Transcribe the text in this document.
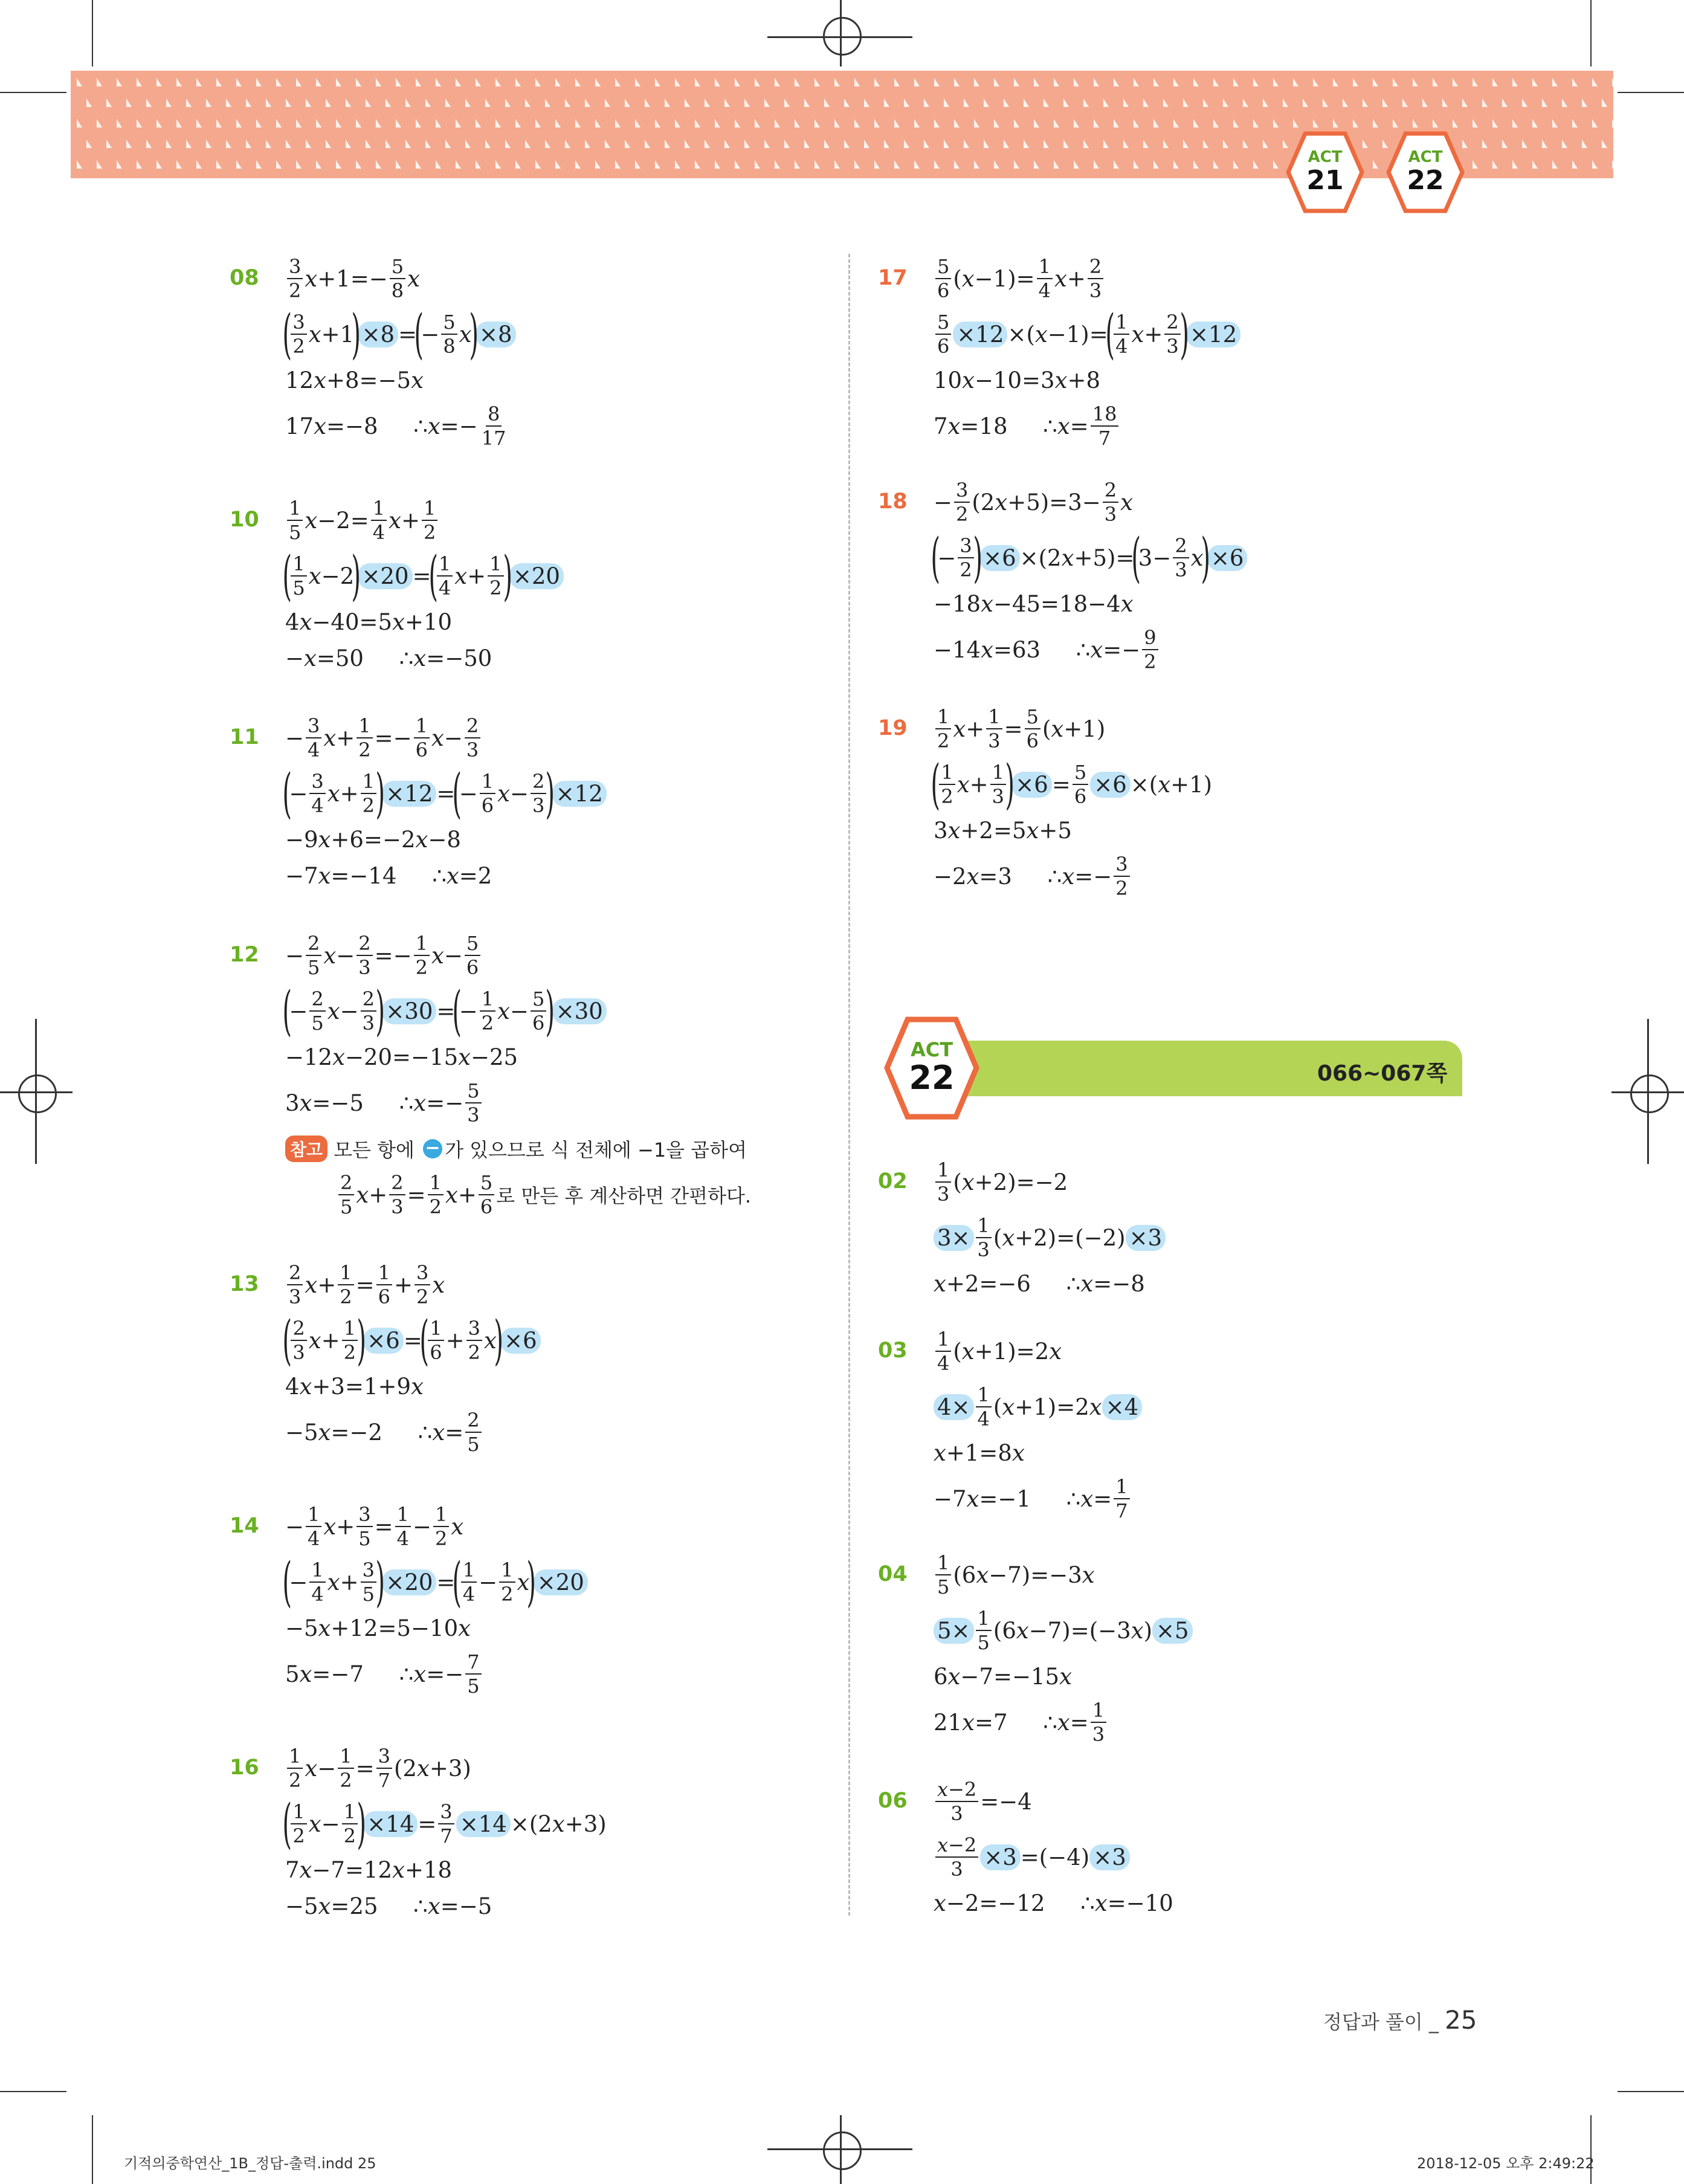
ACT
21
ACT
22
08 3
2 x +1=− 5
8 x
( 3
2 x +1
) ×8 =
(
− 5
8 x
) ×8
12 x +8=−5 x
17 x =−8     ∴ x =− 8
17
10 1
5 x −2= 1
4 x + 1
2
( 1
5 x −2
) ×20 =
( 1
4 x + 1
2 ) ×20
4 x −40=5 x +10
− x =50     ∴ x =−50
11 − 3
4 x + 1
2 =− 1
6 x − 2
3
(
− 3
4 x + 1
2 ) ×12 =
(
− 1
6 x − 2
3 ) ×12
−9 x +6=−2 x −8
−7 x =−14     ∴ x =2
12 − 2
5 x − 2
3 =− 1
2 x − 5
6
(
− 2
5 x − 2
3 ) ×30 =
(
− 1
2 x − 5
6 ) ×30
−12 x −20=−15 x −25
3 x =−5     ∴ x =− 5
3
참고 모든 항에
− 가 있으므로 식 전체에 −1을 곱하여
2
5 x + 2
3 = 1
2 x + 5
6 로 만든 후 계산하면 간편하다.
13 2
3 x + 1
2 = 1
6 + 3
2 x
( 2
3 x + 1
2 ) ×6 =
( 1
6 + 3
2 x
) ×6
4 x +3=1+9 x
−5 x =−2     ∴ x = 2
5
14 − 1
4 x + 3
5 = 1
4 − 1
2 x
(
− 1
4 x + 3
5 ) ×20 =
( 1
4 − 1
2 x
) ×20
−5 x +12=5−10 x
5 x =−7     ∴ x =− 7
5
16 1
2 x − 1
2 = 3
7 (2 x +3)
( 1
2 x − 1
2 ) $\times 14 = \frac{3}{7} \times 14 \times(2$ x +3)
7 x −7=12 x +18
−5 x =25     ∴ x =−5
17 5
6 ( x −1)= 1
4 x + 2
3
$\frac{5}{6} \times 12$ ×( x −1)=
( 1
4 x + 2
3 ) ×12
10 x −10=3 x +8
7 x =18     ∴ x = 18
7
18 − 3
2 (2 x +5)=3− 2
3 x
(
− 3
2 ) ×6 ×(2 x +5)=
(
3− 2
3 x
) ×6
−18 x −45=18−4 x
−14 x =63     ∴ x =− 9
2
19 1
2 x + 1
3 = 5
6 ( x +1)
( 1
2 x + 1
3 ) $\times 6 = \frac{5}{6} \times 6$ ×( x +1)
3 x +2=5 x +5
−2 x =3     ∴ x =− 3
2
066~067쪽
ACT
22
02 1
3 ( x +2)=−2
$3\times \frac{1}{3}$ ( x +2)=(−2) ×3
x +2=−6     ∴ x =−8
03 1
4 ( x +1)=2 x
$4\times \frac{1}{4}$ ( x +1)=2 x ×4
x +1=8 x
−7 x =−1     ∴ x = 1
7
04 1
5 (6 x −7)=−3 x
$5\times \frac{1}{5} (6$ x −7)=(−3 x ) ×5
6 x −7=−15 x
21 x =7     ∴ x = 1
3
06 x−2
3 =−4
$\frac{x-2}{3} \times 3 =(-4) \times 3$
x −2=−12     ∴ x =−10
정답과 풀이 _ 25
기적의중학연산_1B_정답-출력.indd 25	2018-12-05 오후 2:49:22
